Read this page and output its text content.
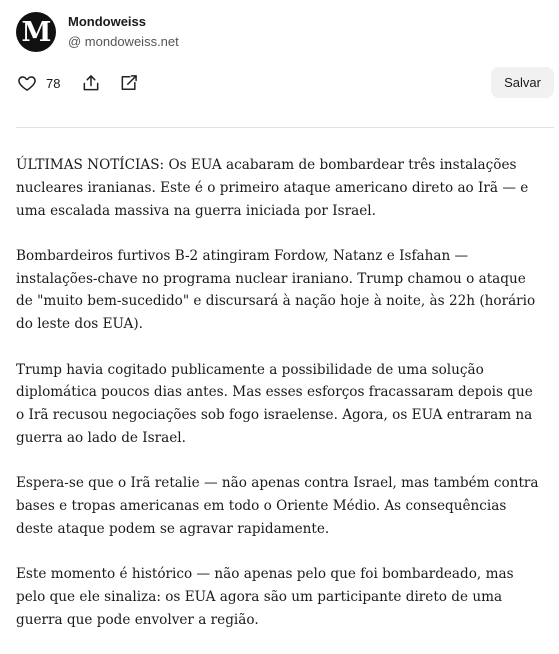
M	Mondoweiss
@ mondoweiss.net
78	Salvar

ÚLTIMAS NOTÍCIAS: Os EUA acabaram de bombardear três instalações nucleares iranianas. Este é o primeiro ataque americano direto ao Irã — e uma escalada massiva na guerra iniciada por Israel.

Bombardeiros furtivos B-2 atingiram Fordow, Natanz e Isfahan — instalações-chave no programa nuclear iraniano. Trump chamou o ataque de "muito bem-sucedido" e discursará à nação hoje à noite, às 22h (horário do leste dos EUA).

Trump havia cogitado publicamente a possibilidade de uma solução diplomática poucos dias antes. Mas esses esforços fracassaram depois que o Irã recusou negociações sob fogo israelense. Agora, os EUA entraram na guerra ao lado de Israel.

Espera-se que o Irã retalie — não apenas contra Israel, mas também contra bases e tropas americanas em todo o Oriente Médio. As consequências deste ataque podem se agravar rapidamente.

Este momento é histórico — não apenas pelo que foi bombardeado, mas pelo que ele sinaliza: os EUA agora são um participante direto de uma guerra que pode envolver a região.
